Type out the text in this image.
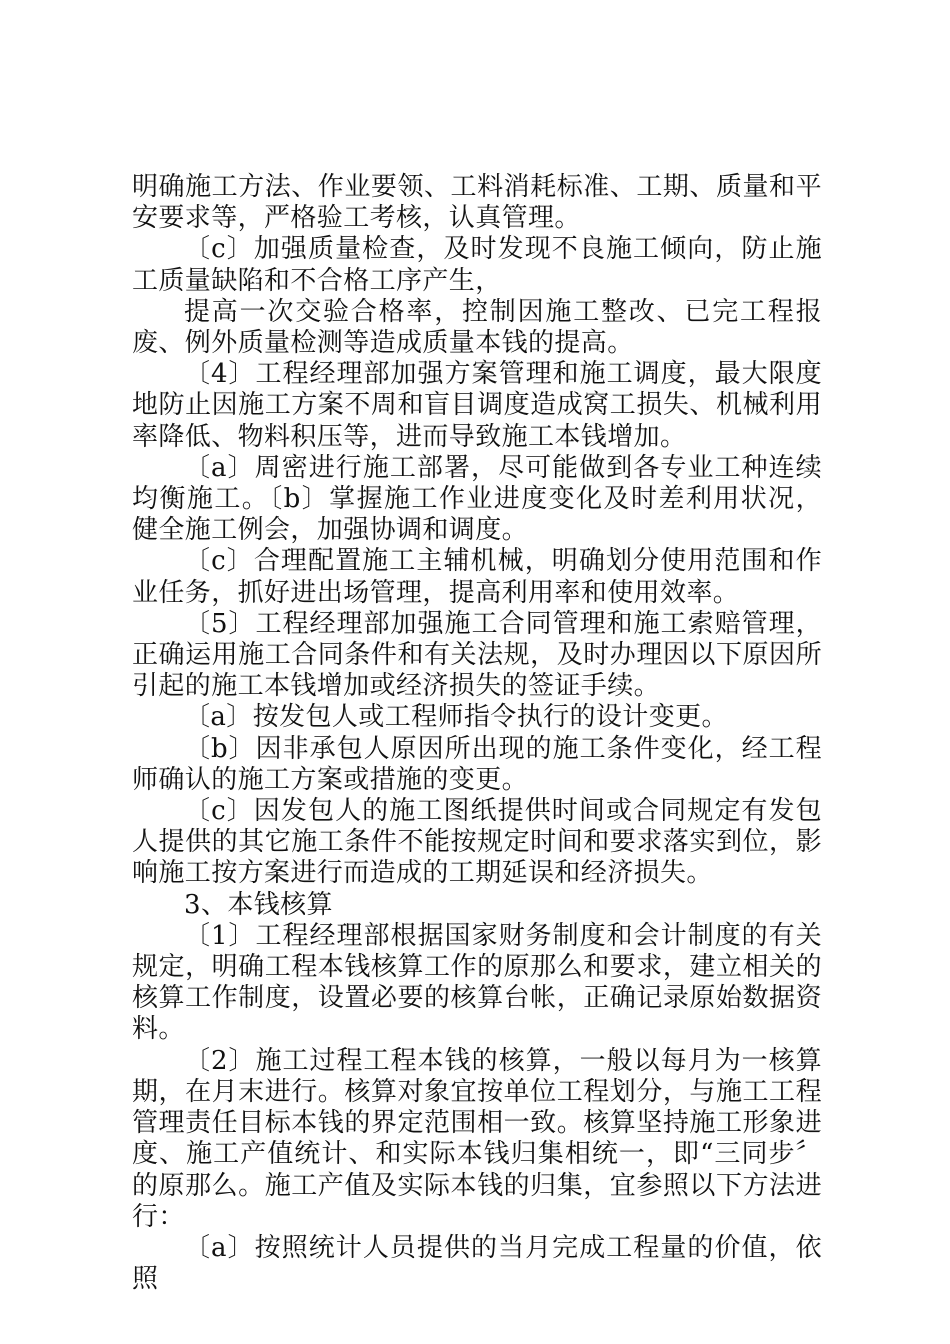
明确施工方法、作业要领、工料消耗标准、工期、质量和平安要求等，严格验工考核，认真管理。

〔c〕加强质量检查，及时发现不良施工倾向，防止施工质量缺陷和不合格工序产生，

提高一次交验合格率，控制因施工整改、已完工程报废、例外质量检测等造成质量本钱的提高。

〔4〕工程经理部加强方案管理和施工调度，最大限度地防止因施工方案不周和盲目调度造成窝工损失、机械利用率降低、物料积压等，进而导致施工本钱增加。

〔a〕周密进行施工部署，尽可能做到各专业工种连续均衡施工。〔b〕掌握施工作业进度变化及时差利用状况，健全施工例会，加强协调和调度。

〔c〕合理配置施工主辅机械，明确划分使用范围和作业任务，抓好进出场管理，提高利用率和使用效率。

〔5〕工程经理部加强施工合同管理和施工索赔管理，正确运用施工合同条件和有关法规，及时办理因以下原因所引起的施工本钱增加或经济损失的签证手续。

〔a〕按发包人或工程师指令执行的设计变更。

〔b〕因非承包人原因所出现的施工条件变化，经工程师确认的施工方案或措施的变更。

〔c〕因发包人的施工图纸提供时间或合同规定有发包人提供的其它施工条件不能按规定时间和要求落实到位，影响施工按方案进行而造成的工期延误和经济损失。

3、本钱核算

〔1〕工程经理部根据国家财务制度和会计制度的有关规定，明确工程本钱核算工作的原那么和要求，建立相关的核算工作制度，设置必要的核算台帐，正确记录原始数据资料。

〔2〕施工过程工程本钱的核算，一般以每月为一核算期，在月末进行。核算对象宜按单位工程划分，与施工工程管理责任目标本钱的界定范围相一致。核算坚持施工形象进度、施工产值统计、和实际本钱归集相统一，即“三同步〞的原那么。施工产值及实际本钱的归集，宜参照以下方法进行：

〔a〕按照统计人员提供的当月完成工程量的价值，依照
